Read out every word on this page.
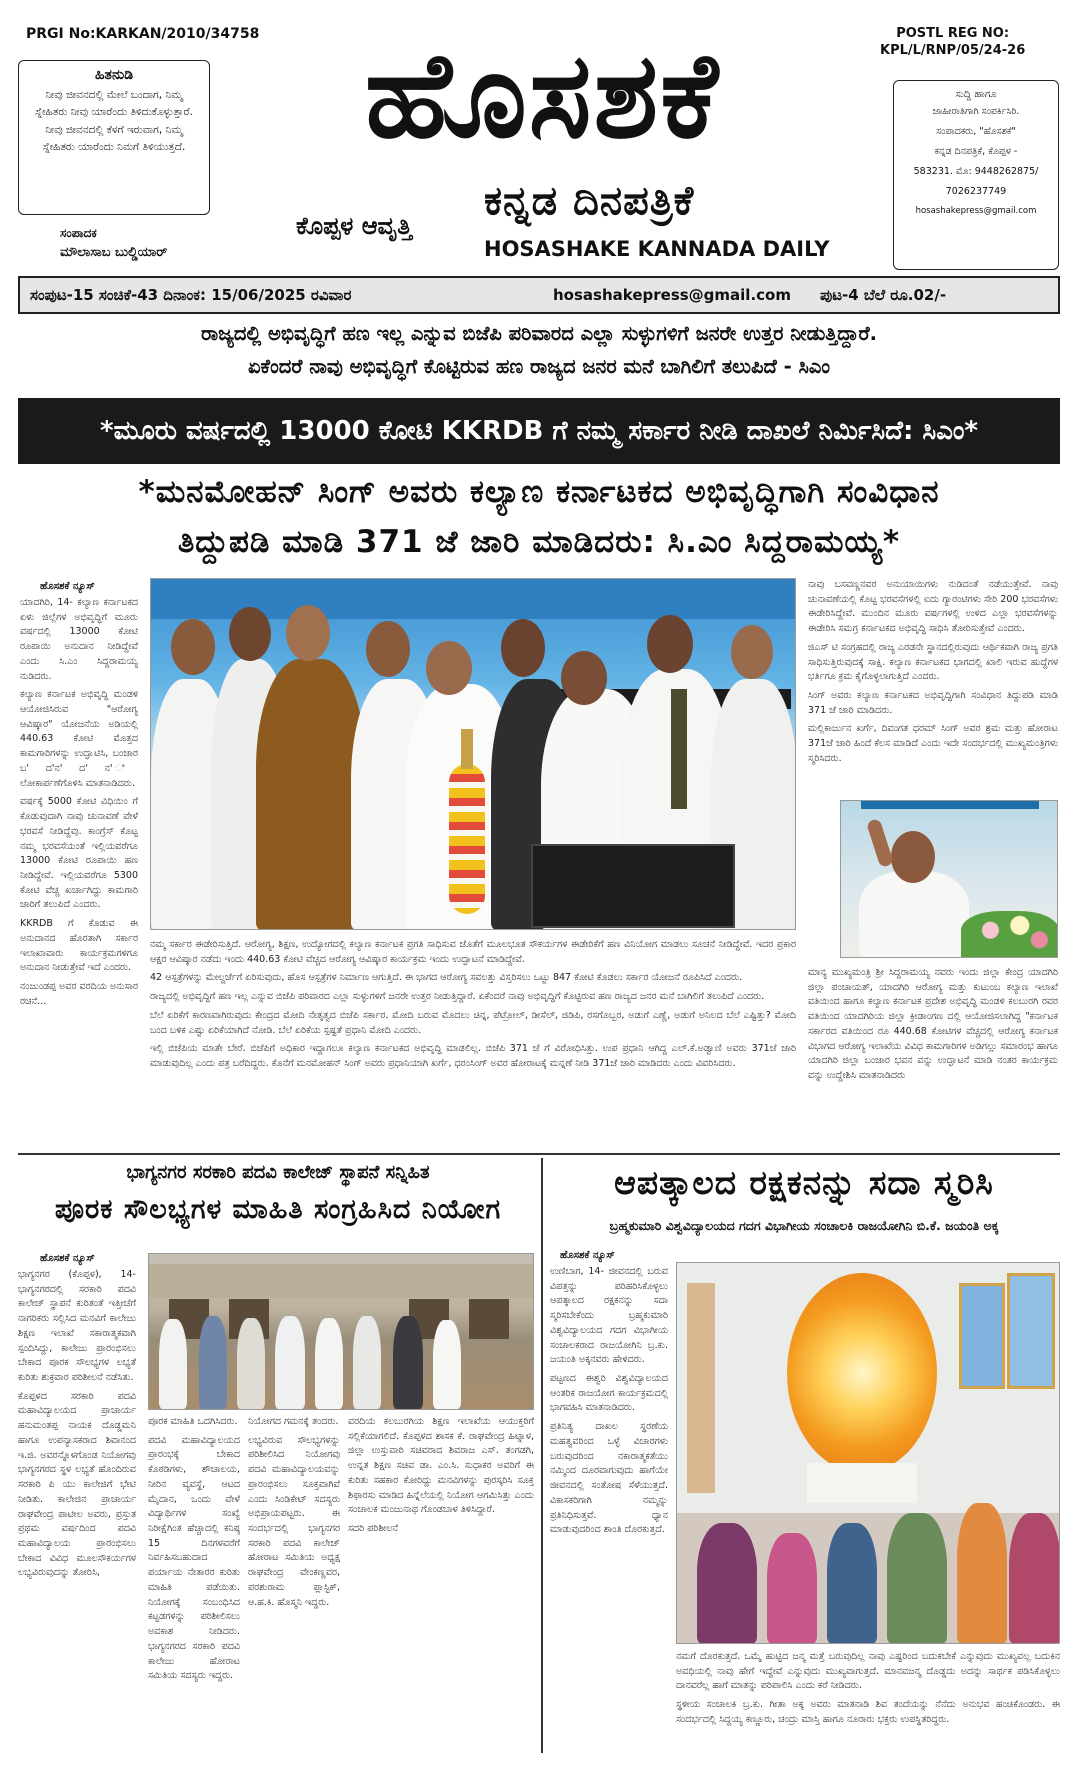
PRGI No:KARKAN/2010/34758	POSTL REG NO:
KPL/L/RNP/05/24-26
ಹಿತನುಡಿ
ನೀವು ಜೀವನದಲ್ಲಿ ಮೇಲೆ ಬಂದಾಗ, ನಿಮ್ಮ ಸ್ನೇಹಿತರು ನೀವು ಯಾರೆಂದು ತಿಳಿದುಕೊಳ್ಳುತ್ತಾರೆ. ನೀವು ಜೀವನದಲ್ಲಿ ಕೆಳಗೆ ಇರುವಾಗ, ನಿಮ್ಮ ಸ್ನೇಹಿತರು ಯಾರೆಂದು ನಿಮಗೆ ತಿಳಿಯುತ್ತದೆ.	ಹೊಸಶಕೆ
ಕನ್ನಡ ದಿನಪತ್ರಿಕೆ
ಕೊಪ್ಪಳ ಆವೃತ್ತಿ
HOSASHAKE KANNADA DAILY
ಸಂಪಾದಕ
ಮೌಲಾಸಾಬ ಬುಲ್ಡಿಯಾರ್
ಸುದ್ದಿ ಹಾಗೂ
ಜಾಹೀರಾತಿಗಾಗಿ ಸಂಪರ್ಕಿಸಿರಿ.
ಸಂಪಾದಕರು, "ಹೊಸಶಕೆ"
ಕನ್ನಡ ದಿನಪತ್ರಿಕೆ, ಕೊಪ್ಪಳ -
583231. ಮೊ: 9448262875/
7026237749
hosashakepress@gmail.com
ಸಂಪುಟ-15 ಸಂಚಿಕೆ-43 ದಿನಾಂಕ: 15/06/2025 ರವಿವಾರ	hosashakepress@gmail.com ಪುಟ-4 ಬೆಲೆ ರೂ.02/-
ರಾಜ್ಯದಲ್ಲಿ ಅಭಿವೃದ್ಧಿಗೆ ಹಣ ಇಲ್ಲ ಎನ್ನುವ ಬಿಜೆಪಿ ಪರಿವಾರದ ಎಲ್ಲಾ ಸುಳ್ಳುಗಳಿಗೆ ಜನರೇ ಉತ್ತರ ನೀಡುತ್ತಿದ್ದಾರೆ.
ಏಕೆಂದರೆ ನಾವು ಅಭಿವೃದ್ಧಿಗೆ ಕೊಟ್ಟಿರುವ ಹಣ ರಾಜ್ಯದ ಜನರ ಮನೆ ಬಾಗಿಲಿಗೆ ತಲುಪಿದೆ - ಸಿಎಂ
*ಮೂರು ವರ್ಷದಲ್ಲಿ 13000 ಕೋಟಿ KKRDB ಗೆ ನಮ್ಮ ಸರ್ಕಾರ ನೀಡಿ ದಾಖಲೆ ನಿರ್ಮಿಸಿದೆ: ಸಿಎಂ*
*ಮನಮೋಹನ್ ಸಿಂಗ್ ಅವರು ಕಲ್ಯಾಣ ಕರ್ನಾಟಕದ ಅಭಿವೃದ್ಧಿಗಾಗಿ ಸಂವಿಧಾನ
ತಿದ್ದುಪಡಿ ಮಾಡಿ 371 ಜೆ ಜಾರಿ ಮಾಡಿದರು: ಸಿ.ಎಂ ಸಿದ್ದರಾಮಯ್ಯ*
ಹೊಸಶಕೆ ನ್ಯೂಸ್

ಯಾದಗಿರಿ, 14- ಕಲ್ಯಾಣ ಕರ್ನಾಟಕದ ಏಳು ಜಿಲ್ಲೆಗಳ ಅಭಿವೃದ್ಧಿಗೆ ಮೂರು ವರ್ಷದಲ್ಲಿ 13000 ಕೋಟಿ ರೂಪಾಯಿ ಅನುದಾನ ನೀಡಿದ್ದೇವೆ ಎಂದು ಸಿ.ಎಂ ಸಿದ್ದರಾಮಯ್ಯ ನುಡಿದರು.

ಕಲ್ಯಾಣ ಕರ್ನಾಟಕ ಅಭಿವೃದ್ಧಿ ಮಂಡಳಿ ಆಯೋಜಿಸಿರುವ "ಆರೋಗ್ಯ ಆವಿಷ್ಕಾರ" ಯೋಜನೆಯ ಅಡಿಯಲ್ಲಿ 440.63 ಕೋಟಿ ಮೊತ್ತದ ಕಾಮಗಾರಿಗಳನ್ನು ಉದ್ಘಾಟಿಸಿ, ಬಂಜಾರ ಬ' ದ'ನ' ದ' ನ' ಿ ಲೋಕಾರ್ಪಣೆಗೊಳಿಸಿ ಮಾತನಾಡಿದರು.

ವರ್ಷಕ್ಕೆ 5000 ಕೋಟಿ ವಿಧಿಯಿಂ ಗೆ ಕೊಡುವುದಾಗಿ ನಾವು ಚುನಾವಣೆ ವೇಳೆ ಭರವಸೆ ನೀಡಿದ್ದೆವು. ಕಾಂಗ್ರೆಸ್ ಕೊಟ್ಟ ನಮ್ಮ ಭರವಸೆಯಂತೆ ಇಲ್ಲಿಯವರೆಗೂ 13000 ಕೋಟಿ ರೂಪಾಯಿ ಹಣ ನೀಡಿದ್ದೇವೆ. ಇಲ್ಲಿಯವರೆಗೂ 5300 ಕೋಟಿ ವೆಚ್ಚ ಖರ್ಚಾಗಿದ್ದು ಕಾಮಗಾರಿ ಜಾರಿಗೆ ತಲುಪಿದೆ ಎಂದರು.

KKRDB ಗೆ ಕೊಡುವ ಈ ಅನುದಾನದ ಹೊರತಾಗಿ ಸರ್ಕಾರ ಇಲಾಖಾವಾರು ಕಾರ್ಯಕ್ರಮಗಳಿಗೂ ಅನುದಾನ ನೀಡುತ್ತೇವೆ ಇದೆ ಎಂದರು.

ನಂಜುಂಡಪ್ಪ ಅವರ ವರದಿಯ ಅನುಸಾರ ರಚನೆ...

ನಾವು ಬಸವಣ್ಣನವರ ಅನುಯಾಯಿಗಳು ನುಡಿದಂತೆ ನಡೆಯುತ್ತೇವೆ. ನಾವು ಚುನಾವಣೆಯಲ್ಲಿ ಕೊಟ್ಟ ಭರವಸೆಗಳಲ್ಲಿ ಐದು ಗ್ಯಾರಂಟಿಗಳು ಸೇರಿ 200 ಭರವಸೆಗಳು ಈಡೇರಿಸಿದ್ದೇವೆ. ಮುಂದಿನ ಮೂರು ವರ್ಷಗಳಲ್ಲಿ ಉಳಿದ ಎಲ್ಲಾ ಭರವಸೆಗಳನ್ನು ಈಡೇರಿಸಿ ಸಮಗ್ರ ಕರ್ನಾಟಕದ ಅಭಿವೃದ್ಧಿ ಸಾಧಿಸಿ ತೋರಿಸುತ್ತೇವೆ ಎಂದರು.

ಜಿಎಸ್ ಟಿ ಸಂಗ್ರಹದಲ್ಲಿ ರಾಜ್ಯ ಎರಡನೇ ಸ್ಥಾನದಲ್ಲಿರುವುದು ಆರ್ಥಿಕವಾಗಿ ರಾಜ್ಯ ಪ್ರಗತಿ ಸಾಧಿಸುತ್ತಿರುವುದಕ್ಕೆ ಸಾಕ್ಷಿ. ಕಲ್ಯಾಣ ಕರ್ನಾಟಕದ ಭಾಗದಲ್ಲಿ ಖಾಲಿ ಇರುವ ಹುದ್ದೆಗಳ ಭರ್ತಿಗೂ ಕ್ರಮ ಕೈಗೊಳ್ಳಲಾಗುತ್ತಿದೆ ಎಂದರು.

ಸಿಂಗ್ ಅವರು ಕಲ್ಯಾಣ ಕರ್ನಾಟಕದ ಅಭಿವೃದ್ಧಿಗಾಗಿ ಸಂವಿಧಾನ ತಿದ್ದುಪಡಿ ಮಾಡಿ 371 ಜೆ ಜಾರಿ ಮಾಡಿದರು.

ಮಲ್ಲಿಕಾರ್ಜುನ ಖರ್ಗೆ, ದಿವಂಗತ ಧರಮ್ ಸಿಂಗ್ ಅವರ ಶ್ರಮ ಮತ್ತು ಹೋರಾಟ 371ಜೆ ಜಾರಿ ಹಿಂದೆ ಕೆಲಸ ಮಾಡಿದೆ ಎಂದು ಇದೇ ಸಂದರ್ಭದಲ್ಲಿ ಮುಖ್ಯಮಂತ್ರಿಗಳು ಸ್ಮರಿಸಿದರು.

ಮಾನ್ಯ ಮುಖ್ಯಮಂತ್ರಿ ಶ್ರೀ ಸಿದ್ದರಾಮಯ್ಯ ನವರು ಇಂದು ಜಿಲ್ಲಾ ಕೇಂದ್ರ ಯಾದಗಿರಿ ಜಿಲ್ಲಾ ಪಂಚಾಯತ್, ಯಾದಗಿರಿ ಆರೋಗ್ಯ ಮತ್ತು ಕುಟುಂಬ ಕಲ್ಯಾಣ ಇಲಾಖೆ ವತಿಯಿಂದ ಹಾಗೂ ಕಲ್ಯಾಣ ಕರ್ನಾಟಕ ಪ್ರದೇಶ ಅಭಿವೃದ್ಧಿ ಮಂಡಳಿ ಕಲಬುರಗಿ ರವರ ವತಿಯಿಂದ ಯಾದಗಿರಿಯ ಜಿಲ್ಲಾ ಕ್ರೀಡಾಂಗಣ ದಲ್ಲಿ ಆಯೋಜಿಸಲಾಗಿದ್ದ "ಕರ್ನಾಟಕ ಸರ್ಕಾರದ ವತಿಯಿಂದ ರೂ 440.68 ಕೋಟಿಗಳ ವೆಚ್ಚದಲ್ಲಿ ಆರೋಗ್ಯ ಕರ್ನಾಟಕ ವಿಭಾಗದ ಆರೋಗ್ಯ ಇಲಾಖೆಯ ವಿವಿಧ ಕಾಮಗಾರಿಗಳ ಅಡಿಗಲ್ಲು ಸಮಾರಂಭ ಹಾಗೂ ಯಾದಗಿರಿ ಜಿಲ್ಲಾ ಬಂಜಾರ ಭವನ ವನ್ನು ಉದ್ಘಾಟನೆ ಮಾಡಿ ನಂತರ ಕಾರ್ಯಕ್ರಮ ವನ್ನು ಉದ್ದೇಶಿಸಿ ಮಾತನಾಡಿದರು

ನಮ್ಮ ಸರ್ಕಾರ ಈಡೇರಿಸುತ್ತಿದೆ. ಆರೋಗ್ಯ, ಶಿಕ್ಷಣ, ಉದ್ಯೋಗದಲ್ಲಿ ಕಲ್ಯಾಣ ಕರ್ನಾಟಕ ಪ್ರಗತಿ ಸಾಧಿಸುವ ಜೊತೆಗೆ ಮೂಲಭೂತ ಸೌಕರ್ಯಗಳ ಈಡೇರಿಕೆಗೆ ಹಣ ವಿನಿಯೋಗ ಮಾಡಲು ಸೂಚನೆ ನೀಡಿದ್ದೇವೆ. ಇದರ ಪ್ರಕಾರ ಆಕ್ಷರ ಆವಿಷ್ಕಾರ ನಡೆದು ಇಂದು 440.63 ಕೋಟಿ ವೆಚ್ಚದ ಆರೋಗ್ಯ ಆವಿಷ್ಕಾರ ಕಾರ್ಯಕ್ರಮ ಇಂದು ಉದ್ಘಾಟನೆ ಮಾಡಿದ್ದೇವೆ.

42 ಆಸ್ಪತ್ರೆಗಳನ್ನು ಮೇಲ್ದರ್ಜೆಗೆ ಏರಿಸುವುದು, ಹೊಸ ಆಸ್ಪತ್ರೆಗಳ ನಿರ್ಮಾಣ ಆಗುತ್ತಿದೆ. ಈ ಭಾಗದ ಆರೋಗ್ಯ ಸವಲತ್ತು ವಿಸ್ತರಿಸಲು ಒಟ್ಟು 847 ಕೋಟಿ ಕೊಡಲು ಸರ್ಕಾರ ಯೋಜನೆ ರೂಪಿಸಿದೆ ಎಂದರು.

ರಾಜ್ಯದಲ್ಲಿ ಅಭಿವೃದ್ಧಿಗೆ ಹಣ ಇಲ್ಲ ಎನ್ನುವ ಬಿಜೆಪಿ ಪರಿವಾರದ ಎಲ್ಲಾ ಸುಳ್ಳುಗಳಿಗೆ ಜನರೇ ಉತ್ತರ ನೀಡುತ್ತಿದ್ದಾರೆ. ಏಕೆಂದರೆ ನಾವು ಅಭಿವೃದ್ಧಿಗೆ ಕೊಟ್ಟಿರುವ ಹಣ ರಾಜ್ಯದ ಜನರ ಮನೆ ಬಾಗಿಲಿಗೆ ತಲುಪಿದೆ ಎಂದರು.

ಬೆಲೆ ಏರಿಕೆಗೆ ಕಾರಣವಾಗಿರುವುದು ಕೇಂದ್ರದ ಮೋದಿ ನೇತೃತ್ವದ ಬಿಜೆಪಿ ಸರ್ಕಾರ. ಮೋದಿ ಬರುವ ಮೊದಲು ಚಿನ್ನ, ಪೆಟ್ರೋಲ್, ಡೀಸೆಲ್, ಜಿಡಿಪಿ, ರಸಗೊಬ್ಬರ, ಅಡುಗೆ ಎಣ್ಣೆ, ಅಡುಗೆ ಅನಿಲದ ಬೆಲೆ ಎಷ್ಟಿತ್ತು? ಮೋದಿ ಬಂದ ಬಳಿಕ ಎಷ್ಟು ಏರಿಕೆಯಾಗಿದೆ ನೋಡಿ. ಬೆಲೆ ಏರಿಕೆಯ ಸ್ಪಷ್ಟತೆ ಪ್ರಧಾನಿ ಮೋದಿ ಎಂದರು.

ಇಲ್ಲಿ ಬಿಜೆಪಿಯ ಮಾತೇ ಬೇರೆ. ಬಿಜೆಪಿಗೆ ಅಧಿಕಾರ ಇದ್ದಾಗಲೂ ಕಲ್ಯಾಣ ಕರ್ನಾಟಕದ ಅಭಿವೃದ್ಧಿ ಮಾಡಲಿಲ್ಲ. ಬಿಜೆಪಿ 371 ಜೆ ಗೆ ವಿರೋಧಿಸಿತ್ತು. ಉಪ ಪ್ರಧಾನಿ ಆಗಿದ್ದ ಎಲ್.ಕೆ.ಅಡ್ವಾಣಿ ಅವರು 371ಜೆ ಜಾರಿ ಮಾಡುವುದಿಲ್ಲ ಎಂದು ಪತ್ರ ಬರೆದಿದ್ದರು. ಕೊನೆಗೆ ಮನಮೋಹನ್ ಸಿಂಗ್ ಅವರು ಪ್ರಧಾನಿಯಾಗಿ ಖರ್ಗೆ, ಧರಂಸಿಂಗ್ ಅವರ ಹೋರಾಟಕ್ಕೆ ಮನ್ನಣೆ ನೀಡಿ 371ಜೆ ಜಾರಿ ಮಾಡಿದರು ಎಂದು ವಿವರಿಸಿದರು.

ಭಾಗ್ಯನಗರ ಸರಕಾರಿ ಪದವಿ ಕಾಲೇಜ್ ಸ್ಥಾಪನೆ ಸನ್ನಿಹಿತ
ಪೂರಕ ಸೌಲಭ್ಯಗಳ ಮಾಹಿತಿ ಸಂಗ್ರಹಿಸಿದ ನಿಯೋಗ
ಹೊಸಶಕೆ ನ್ಯೂಸ್

ಭಾಗ್ಯನಗರ (ಕೊಪ್ಪಳ), 14- ಭಾಗ್ಯನಗರದಲ್ಲಿ ಸರಕಾರಿ ಪದವಿ ಕಾಲೇಜ್ ಸ್ಥಾಪನೆ ಕುರಿತಂತೆ ಇತ್ತೀಚೆಗೆ ನಾಗರಿಕರು ಸಲ್ಲಿಸಿದ ಮನವಿಗೆ ಕಾಲೇಜು ಶಿಕ್ಷಣ ಇಲಾಖೆ ಸಕಾರಾತ್ಮಕವಾಗಿ ಸ್ಪಂದಿಸಿದ್ದು, ಕಾಲೇಜು ಪ್ರಾರಂಭಿಸಲು ಬೇಕಾದ ಪೂರಕ ಸೌಲಭ್ಯಗಳ ಲಭ್ಯತೆ ಕುರಿತು ಶುಕ್ರವಾರ ಪರಿಶೀಲನೆ ನಡೆಸಿತು.

ಕೊಪ್ಪಳದ ಸರಕಾರಿ ಪದವಿ ಮಹಾವಿದ್ಯಾಲಯದ ಪ್ರಾಚಾರ್ಯ ಹನುಮಂತಪ್ಪ ನಾಯಕ ದೊಡ್ಡಮನಿ ಹಾಗೂ ಉಪನ್ಯಾಸಕರಾದ ಶಿವಾನಂದ ಇ.ಜಿ. ಅವರನ್ನೊಳಗೊಂಡ ನಿಯೋಗವು ಭಾಗ್ಯನಗರದ ಸ್ಥಳ ಲಭ್ಯತೆ ಹೊಂದಿರುವ ಸರಕಾರಿ ಪಿ ಯು ಕಾಲೇಜಿಗೆ ಭೇಟಿ ನೀಡಿತು. ಕಾಲೇಜಿನ ಪ್ರಾಚಾರ್ಯ ರಾಘವೇಂದ್ರ ಪಾಟೀಲ ಅವರು, ಪ್ರಸ್ತುತ ಪ್ರಥಮ ವರ್ಷದಿಂದ ಪದವಿ ಮಹಾವಿದ್ಯಾಲಯ ಪ್ರಾರಂಭಿಸಲು ಬೇಕಾದ ವಿವಿಧ ಮೂಲಸೌಕರ್ಯಗಳ ಲಭ್ಯವಿರುವುದನ್ನು ತೋರಿಸಿ,

ಪೂರಕ ಮಾಹಿತಿ ಒದಗಿಸಿದರು.

ಪದವಿ ಮಹಾವಿದ್ಯಾಲಯದ ಪ್ರಾರಂಭಕ್ಕೆ ಬೇಕಾದ ಕೊಠಡಿಗಳು, ಶೌಚಾಲಯ, ನೀರಿನ ವ್ಯವಸ್ಥೆ, ಆಟದ ಮೈದಾನ, ಒಂದು ವೇಳೆ ವಿದ್ಯಾರ್ಥಿಗಳ ಸಂಖ್ಯೆ ನಿರೀಕ್ಷೆಗಿಂತ ಹೆಚ್ಚಾದಲ್ಲಿ ಕನಿಷ್ಠ 15 ದಿನಗಳವರೆಗೆ ನಿರ್ವಹಿಸಬಹುದಾದ ಪರ್ಯಾಯ ನೇತಾರರ ಕುರಿತು ಮಾಹಿತಿ ಪಡೆಯಿತು. ನಿಯೋಗಕ್ಕೆ ಸಂಬಂಧಿಸಿದ ಕಟ್ಟಡಗಳನ್ನು ಪರಿಶೀಲಿಸಲು ಅವಕಾಶ ನೀಡಿದರು. ಭಾಗ್ಯನಗರದ ಸರಕಾರಿ ಪದವಿ ಕಾಲೇಜು ಹೋರಾಟ ಸಮಿತಿಯ ಸದಸ್ಯರು ಇದ್ದರು.

ನಿಯೋಗದ ಗಮನಕ್ಕೆ ತಂದರು.

ಲಭ್ಯವಿರುವ ಸೌಲಭ್ಯಗಳನ್ನು ಪರಿಶೀಲಿಸಿದ ನಿಯೋಗವು ಪದವಿ ಮಹಾವಿದ್ಯಾಲಯವನ್ನು ಪ್ರಾರಂಭಿಸಲು ಸೂಕ್ತವಾಗಿವೆ ಎಂದು ಸಿಂಡಿಕೇಟ್ ಸದಸ್ಯರು ಅಭಿಪ್ರಾಯಪಟ್ಟರು. ಈ ಸಂದರ್ಭದಲ್ಲಿ ಭಾಗ್ಯನಗರ ಸರಕಾರಿ ಪದವಿ ಕಾಲೇಜ್ ಹೋರಾಟ ಸಮಿತಿಯ ಅಧ್ಯಕ್ಷ ರಾಘವೇಂದ್ರ ವೇಂಕಣ್ಣವರ, ಪರಶುರಾಮ ಪ್ಲಾಸ್ಟಿಕ್, ಆ.ಹ.ಕಿ. ಹೊಸ್ಮನಿ ಇದ್ದರು.

ವರದಿಯ ಕಲಬುರಗಿಯ ಶಿಕ್ಷಣ ಇಲಾಖೆಯ ಆಯುಕ್ತರಿಗೆ ಸಲ್ಲಿಕೆಯಾಗಲಿದೆ. ಕೊಪ್ಪಳದ ಶಾಸಕ ಕೆ. ರಾಘವೇಂದ್ರ ಹಿಟ್ನಾಳ, ಜಿಲ್ಲಾ ಉಸ್ತುವಾರಿ ಸಚಿವರಾದ ಶಿವರಾಜ ಎಸ್. ತಂಗಡಗಿ, ಉನ್ನತ ಶಿಕ್ಷಣ ಸಚಿವ ಡಾ. ಎಂ.ಸಿ. ಸುಧಾಕರ ಅವರಿಗೆ ಈ ಕುರಿತು ಸಹಕಾರ ಕೋರಿದ್ದು ಮನವಿಗಳನ್ನು ಪುರಸ್ಕರಿಸಿ ಸೂಕ್ತ ಶಿಫಾರಸು ಮಾಡಿದ ಹಿನ್ನೆಲೆಯಲ್ಲಿ ನಿಯೋಗ ಆಗಮಿಸಿತ್ತು ಎಂದು ಸಂಚಾಲಕ ಮಂಜುನಾಥ ಗೊಂಡಬಾಳ ತಿಳಿಸಿದ್ದಾರೆ.

ಸದರಿ ಪರಿಶೀಲನೆ

ಆಪತ್ಕಾಲದ ರಕ್ಷಕನನ್ನು ಸದಾ ಸ್ಮರಿಸಿ
ಬ್ರಹ್ಮಕುಮಾರಿ ವಿಶ್ವವಿದ್ಯಾಲಯದ ಗದಗ ವಿಭಾಗೀಯ ಸಂಚಾಲಕಿ ರಾಜಯೋಗಿನಿ ಬಿ.ಕೆ. ಜಯಂತಿ ಅಕ್ಕ
ಹೊಸಶಕೆ ನ್ಯೂಸ್

ಉಣಿಬಾಗ, 14- ಜೀವನದಲ್ಲಿ ಬರುವ ವಿಪತ್ತನ್ನು ಪರಿಹರಿಸಿಕೊಳ್ಳಲು ಆಪತ್ಕಾಲದ ರಕ್ಷಕನನ್ನು ಸದಾ ಸ್ಮರಿಸಬೇಕೆಂದು ಬ್ರಹ್ಮಕುಮಾರಿ ವಿಶ್ವವಿದ್ಯಾಲಯದ ಗದಗ ವಿಭಾಗೀಯ ಸಂಚಾಲಕರಾದ ರಾಜಯೋಗಿನಿ ಬ್ರ.ಕು. ಜಯಂತಿ ಅಕ್ಕನವರು ಹೇಳಿದರು.

ಪಟ್ಟಣದ ಈಶ್ವರಿ ವಿಶ್ವವಿದ್ಯಾಲಯದ ಆಂತರಿಕ ರಾಜಯೋಗ ಕಾರ್ಯಕ್ರಮದಲ್ಲಿ ಭಾಗವಹಿಸಿ ಮಾತನಾಡಿದರು.

ಪ್ರತಿನಿತ್ಯ ದಾಖಲ ಸ್ಥರಣೆಯ ಮಹತ್ವವರಿಂದ ಒಳ್ಳೆ ವಿಚಾರಗಳು ಬರುವುದರಿಂದ ನಕಾರಾತ್ಮಕತೆಯು ನಮ್ಮಿಂದ ದೂರವಾಗುವುದು ಹಾಗೆಯೇ ಜೀವನದಲ್ಲಿ ಸಂತೋಷ ಸೆಳೆಯುತ್ತದೆ. ವಿಕಾಸಕರಿಗಾಗಿ ನಮ್ಮನ್ನು ಪ್ರತಿನಿಧಿಸುತ್ತವೆ. ಧ್ಯಾನ ಮಾಡುವುದರಿಂದ ಶಾಂತಿ ದೊರಕುತ್ತದೆ.

ನಮಗೆ ದೊರಕುತ್ತದೆ. ಒಮ್ಮೆ ಹುಟ್ಟಿದ ಜನ್ಮ ಮತ್ತೆ ಬರುವುದಿಲ್ಲ ನಾವು ಎಷ್ಟರಿಂದ ಬದುಕಬೇಕೆ ಎನ್ನುವುದು ಮುಖ್ಯವಲ್ಲ ಬದುಕಿನ ಅವಧಿಯಲ್ಲಿ ನಾವು ಹೇಗೆ ಇದ್ದೇವೆ ಎನ್ನುವುದು ಮುಖ್ಯವಾಗುತ್ತದೆ. ಮಾನವಜನ್ಮ ದೊಡ್ಡದು ಅದನ್ನು ಸಾರ್ಥಕ ಪಡಿಸಿಕೊಳ್ಳಲು ದಾನವರೆಲ್ಲ ಹಾಗೆ ಮಾತನ್ನು ಪರಿಪಾಲಿಸಿ ಎಂದು ಕರೆ ನೀಡಿದರು.

ಸ್ಥಳೀಯ ಸಂಚಾಲಕಿ ಬ್ರ.ಕು. ಗೀತಾ ಅಕ್ಕ ಅವರು ಮಾತನಾಡಿ ಶಿವ ತಂದೆಯನ್ನು ನೆನೆದು ಅನುಭವ ಹಂಚಿಕೊಂಡರು. ಈ ಸಂದರ್ಭದಲ್ಲಿ ಸಿದ್ದಯ್ಯ ಕಣ್ಣೂರು, ಚಂದ್ರು ಮಾಸ್ತಿ ಹಾಗೂ ನೂರಾರು ಭಕ್ತರು ಉಪಸ್ಥಿತರಿದ್ದರು.
